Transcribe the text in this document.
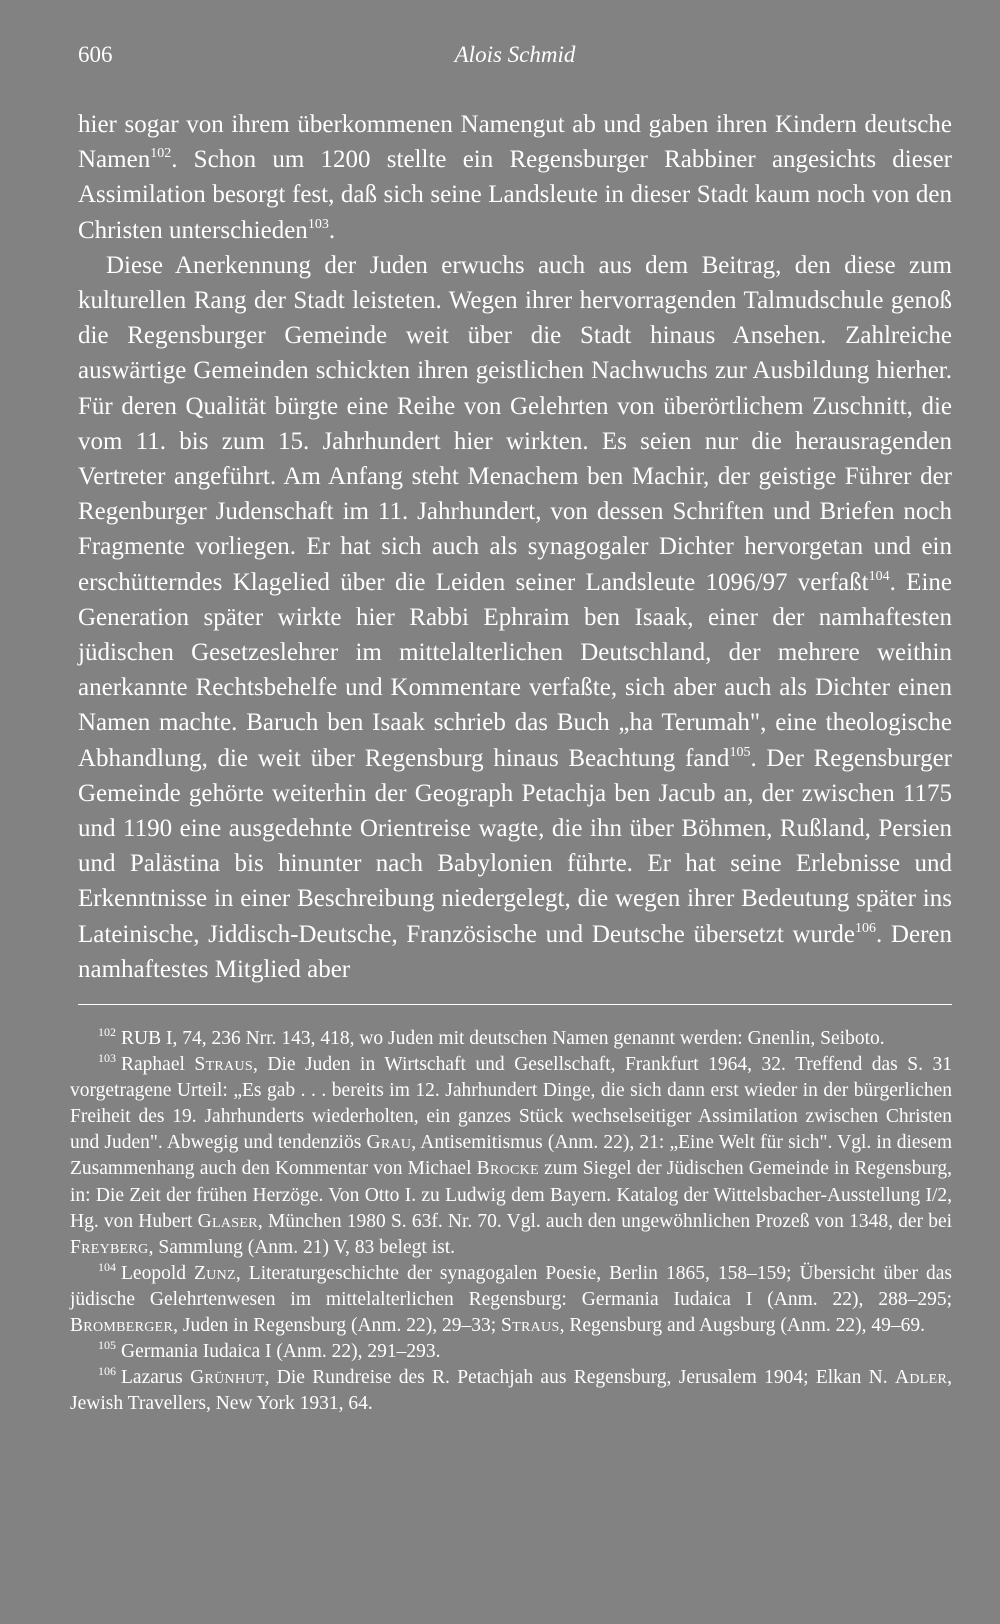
606	Alois Schmid

hier sogar von ihrem überkommenen Namengut ab und gaben ihren Kindern deutsche Namen$^{102}$. Schon um 1200 stellte ein Regensburger Rabbiner angesichts dieser Assimilation besorgt fest, daß sich seine Landsleute in dieser Stadt kaum noch von den Christen unterschieden$^{103}$.

Diese Anerkennung der Juden erwuchs auch aus dem Beitrag, den diese zum kulturellen Rang der Stadt leisteten. Wegen ihrer hervorragenden Talmudschule genoß die Regensburger Gemeinde weit über die Stadt hinaus Ansehen. Zahlreiche auswärtige Gemeinden schickten ihren geistlichen Nachwuchs zur Ausbildung hierher. Für deren Qualität bürgte eine Reihe von Gelehrten von überörtlichem Zuschnitt, die vom 11. bis zum 15. Jahrhundert hier wirkten. Es seien nur die herausragenden Vertreter angeführt. Am Anfang steht Menachem ben Machir, der geistige Führer der Regenburger Judenschaft im 11. Jahrhundert, von dessen Schriften und Briefen noch Fragmente vorliegen. Er hat sich auch als synagogaler Dichter hervorgetan und ein erschütterndes Klagelied über die Leiden seiner Landsleute 1096/97 verfaßt$^{104}$. Eine Generation später wirkte hier Rabbi Ephraim ben Isaak, einer der namhaftesten jüdischen Gesetzeslehrer im mittelalterlichen Deutschland, der mehrere weithin anerkannte Rechtsbehelfe und Kommentare verfaßte, sich aber auch als Dichter einen Namen machte. Baruch ben Isaak schrieb das Buch „ha Terumah", eine theologische Abhandlung, die weit über Regensburg hinaus Beachtung fand$^{105}$. Der Regensburger Gemeinde gehörte weiterhin der Geograph Petachja ben Jacub an, der zwischen 1175 und 1190 eine ausgedehnte Orientreise wagte, die ihn über Böhmen, Rußland, Persien und Palästina bis hinunter nach Babylonien führte. Er hat seine Erlebnisse und Erkenntnisse in einer Beschreibung niedergelegt, die wegen ihrer Bedeutung später ins Lateinische, Jiddisch-Deutsche, Französische und Deutsche übersetzt wurde$^{106}$. Deren namhaftestes Mitglied aber

$^{102}$ RUB I, 74, 236 Nrr. 143, 418, wo Juden mit deutschen Namen genannt werden: Gnenlin, Seiboto.

$^{103}$ Raphael Straus, Die Juden in Wirtschaft und Gesellschaft, Frankfurt 1964, 32. Treffend das S. 31 vorgetragene Urteil: „Es gab . . . bereits im 12. Jahrhundert Dinge, die sich dann erst wieder in der bürgerlichen Freiheit des 19. Jahrhunderts wiederholten, ein ganzes Stück wechselseitiger Assimilation zwischen Christen und Juden". Abwegig und tendenziös Grau, Antisemitismus (Anm. 22), 21: „Eine Welt für sich". Vgl. in diesem Zusammenhang auch den Kommentar von Michael Brocke zum Siegel der Jüdischen Gemeinde in Regensburg, in: Die Zeit der frühen Herzöge. Von Otto I. zu Ludwig dem Bayern. Katalog der Wittelsbacher-Ausstellung I/2, Hg. von Hubert Glaser, München 1980 S. 63f. Nr. 70. Vgl. auch den ungewöhnlichen Prozeß von 1348, der bei Freyberg, Sammlung (Anm. 21) V, 83 belegt ist.

$^{104}$ Leopold Zunz, Literaturgeschichte der synagogalen Poesie, Berlin 1865, 158–159; Übersicht über das jüdische Gelehrtenwesen im mittelalterlichen Regensburg: Germania Iudaica I (Anm. 22), 288–295; Bromberger, Juden in Regensburg (Anm. 22), 29–33; Straus, Regensburg and Augsburg (Anm. 22), 49–69.

$^{105}$ Germania Iudaica I (Anm. 22), 291–293.

$^{106}$ Lazarus Grünhut, Die Rundreise des R. Petachjah aus Regensburg, Jerusalem 1904; Elkan N. Adler, Jewish Travellers, New York 1931, 64.
